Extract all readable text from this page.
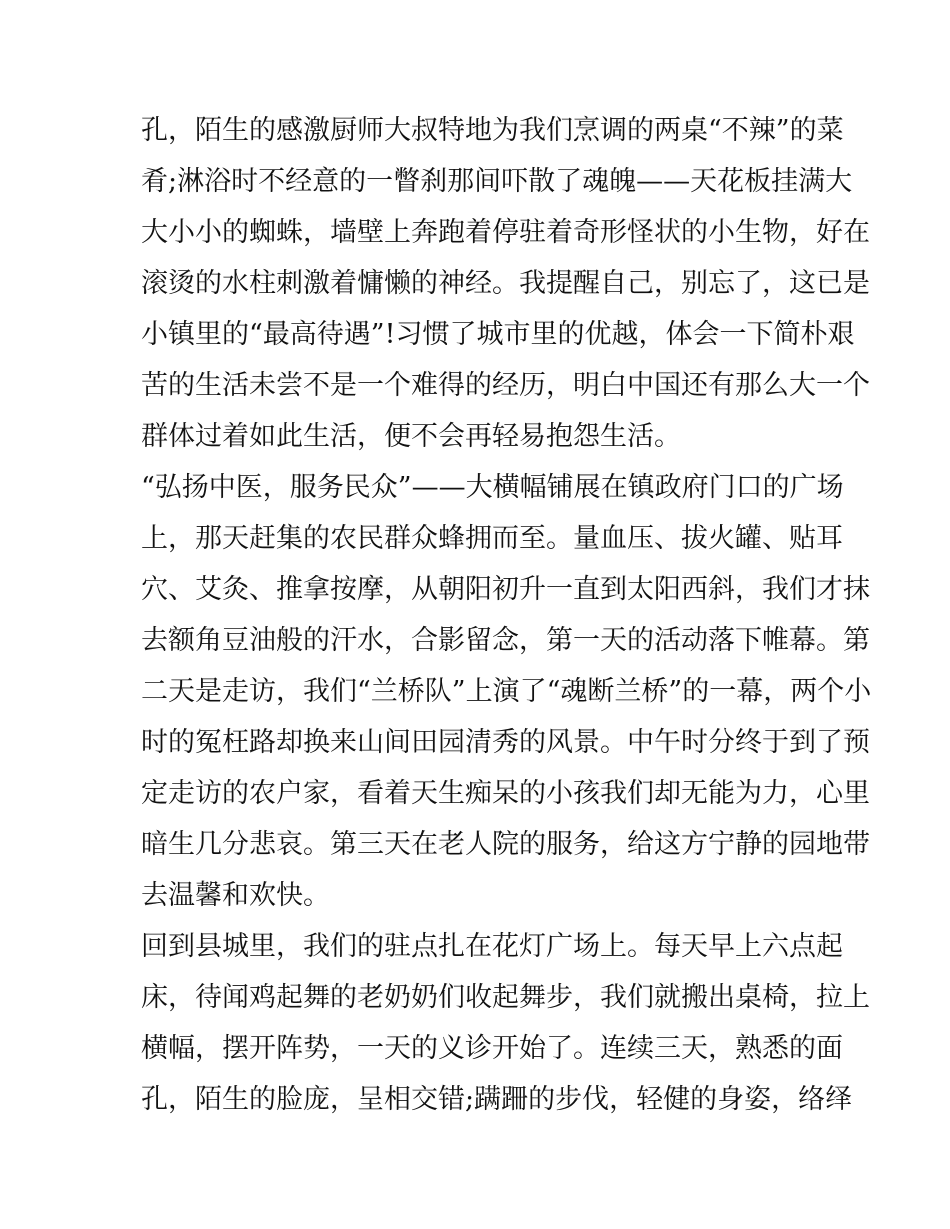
孔，陌生的感激厨师大叔特地为我们烹调的两桌“不辣”的菜
肴;淋浴时不经意的一瞥刹那间吓散了魂魄——天花板挂满大
大小小的蜘蛛，墙壁上奔跑着停驻着奇形怪状的小生物，好在
滚烫的水柱刺激着慵懒的神经。我提醒自己，别忘了，这已是
小镇里的“最高待遇”!习惯了城市里的优越，体会一下简朴艰
苦的生活未尝不是一个难得的经历，明白中国还有那么大一个
群体过着如此生活，便不会再轻易抱怨生活。
“弘扬中医，服务民众”——大横幅铺展在镇政府门口的广场
上，那天赶集的农民群众蜂拥而至。量血压、拔火罐、贴耳
穴、艾灸、推拿按摩，从朝阳初升一直到太阳西斜，我们才抹
去额角豆油般的汗水，合影留念，第一天的活动落下帷幕。第
二天是走访，我们“兰桥队”上演了“魂断兰桥”的一幕，两个小
时的冤枉路却换来山间田园清秀的风景。中午时分终于到了预
定走访的农户家，看着天生痴呆的小孩我们却无能为力，心里
暗生几分悲哀。第三天在老人院的服务，给这方宁静的园地带
去温馨和欢快。
回到县城里，我们的驻点扎在花灯广场上。每天早上六点起
床，待闻鸡起舞的老奶奶们收起舞步，我们就搬出桌椅，拉上
横幅，摆开阵势，一天的义诊开始了。连续三天，熟悉的面
孔，陌生的脸庞，呈相交错;蹒跚的步伐，轻健的身姿，络绎
